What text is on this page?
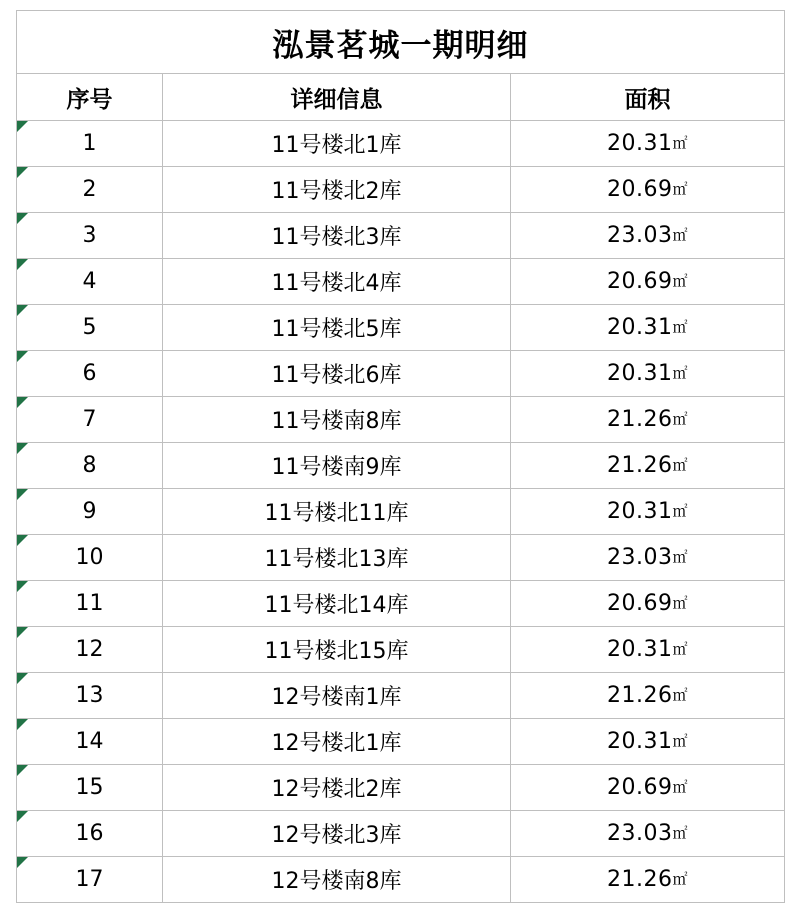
泓景茗城一期明细		
序号	详细信息	面积

1	11号楼北1库	20.31㎡

2	11号楼北2库	20.69㎡

3	11号楼北3库	23.03㎡

4	11号楼北4库	20.69㎡

5	11号楼北5库	20.31㎡

6	11号楼北6库	20.31㎡

7	11号楼南8库	21.26㎡

8	11号楼南9库	21.26㎡

9	11号楼北11库	20.31㎡

10	11号楼北13库	23.03㎡

11	11号楼北14库	20.69㎡

12	11号楼北15库	20.31㎡

13	12号楼南1库	21.26㎡

14	12号楼北1库	20.31㎡

15	12号楼北2库	20.69㎡

16	12号楼北3库	23.03㎡

17	12号楼南8库	21.26㎡
